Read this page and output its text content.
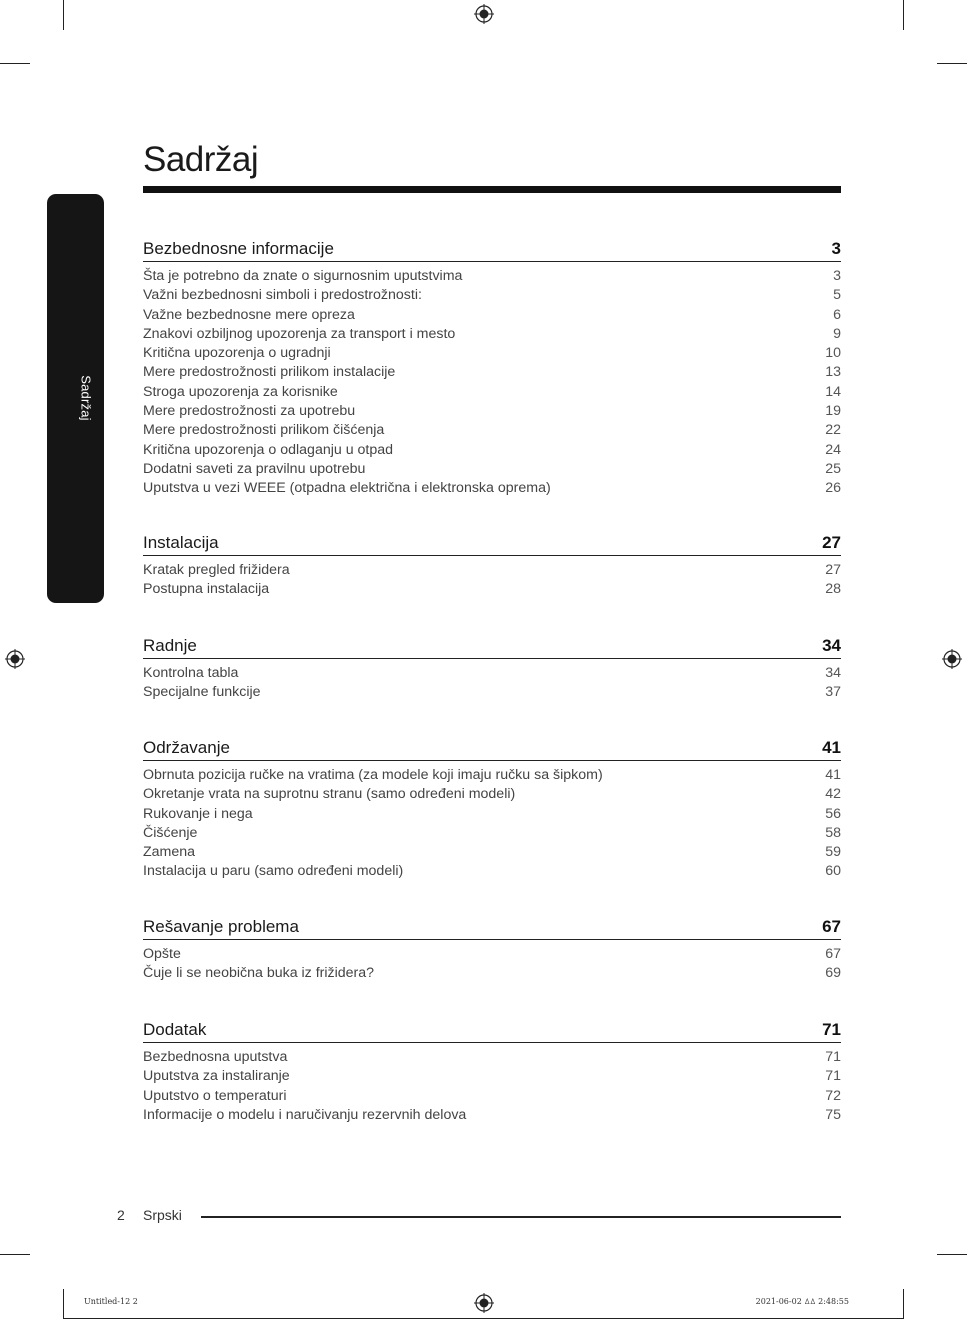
Sadržaj
Sadržaj
Bezbednosne informacije	3
Šta je potrebno da znate o sigurnosnim uputstvima	3
Važni bezbednosni simboli i predostrožnosti:	5
Važne bezbednosne mere opreza	6
Znakovi ozbiljnog upozorenja za transport i mesto	9
Kritična upozorenja o ugradnji	10
Mere predostrožnosti prilikom instalacije	13
Stroga upozorenja za korisnike	14
Mere predostrožnosti za upotrebu	19
Mere predostrožnosti prilikom čišćenja	22
Kritična upozorenja o odlaganju u otpad	24
Dodatni saveti za pravilnu upotrebu	25
Uputstva u vezi WEEE (otpadna električna i elektronska oprema)	26
Instalacija	27
Kratak pregled frižidera	27
Postupna instalacija	28
Radnje	34
Kontrolna tabla	34
Specijalne funkcije	37
Održavanje	41
Obrnuta pozicija ručke na vratima (za modele koji imaju ručku sa šipkom)	41
Okretanje vrata na suprotnu stranu (samo određeni modeli)	42
Rukovanje i nega	56
Čišćenje	58
Zamena	59
Instalacija u paru (samo određeni modeli)	60
Rešavanje problema	67
Opšte	67
Čuje li se neobična buka iz frižidera?	69
Dodatak	71
Bezbednosna uputstva	71
Uputstva za instaliranje	71
Uputstvo o temperaturi	72
Informacije o modelu i naručivanju rezervnih delova	75
2 Srpski
Untitled-12 2	2021-06-02 ꕔꕔ 2:48:55
